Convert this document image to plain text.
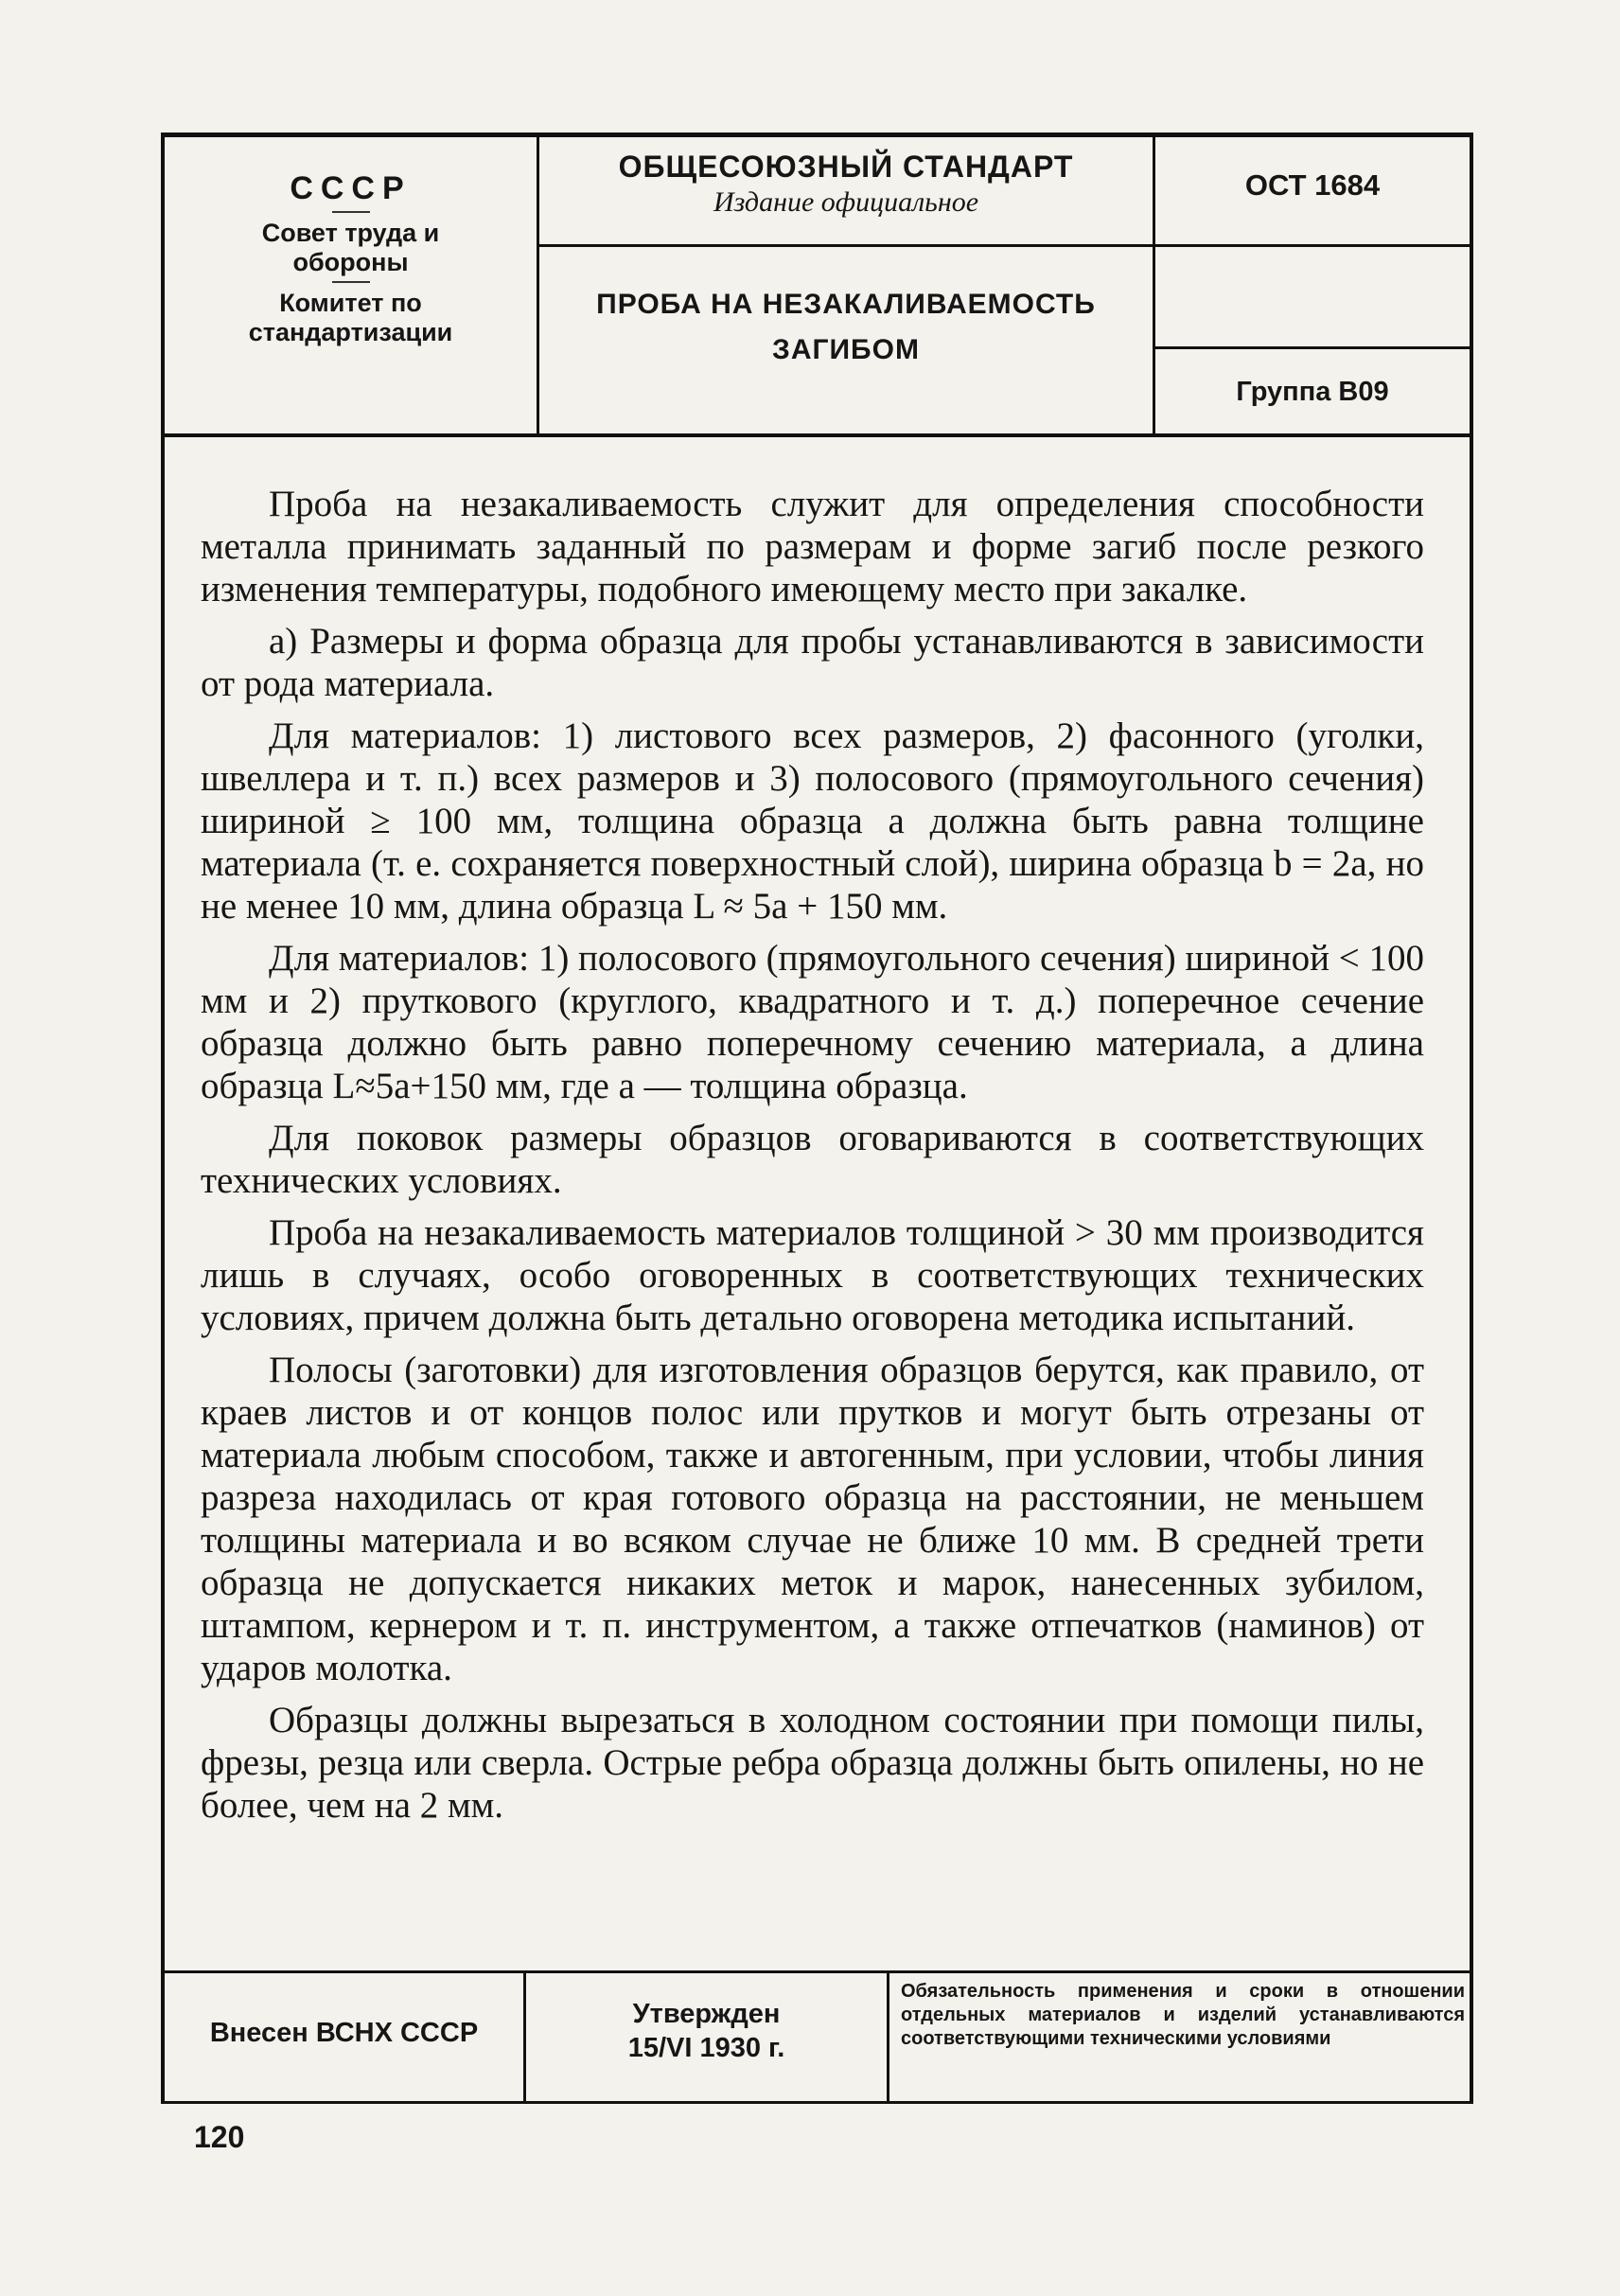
СССР
Совет труда и обороны
Комитет по стандартизации
ОБЩЕСОЮЗНЫЙ СТАНДАРТ
Издание официальное
ПРОБА НА НЕЗАКАЛИВАЕМОСТЬ
ЗАГИБОМ
ОСТ 1684
Группа В09

Проба на незакаливаемость служит для определения способности металла принимать заданный по размерам и форме загиб после резкого изменения температуры, подобного имеющему место при закалке.

а) Размеры и форма образца для пробы устанавливаются в зависимости от рода материала.

Для материалов: 1) листового всех размеров, 2) фасонного (уголки, швеллера и т. п.) всех размеров и 3) полосового (прямоугольного сечения) шириной ≥ 100 мм, толщина образца a должна быть равна толщине материала (т. е. сохраняется поверхностный слой), ширина образца b = 2a, но не менее 10 мм, длина образца L ≈ 5a + 150 мм.

Для материалов: 1) полосового (прямоугольного сечения) шириной < 100 мм и 2) пруткового (круглого, квадратного и т. д.) поперечное сечение образца должно быть равно поперечному сечению материала, а длина образца L≈5a+150 мм, где a — толщина образца.

Для поковок размеры образцов оговариваются в соответствующих технических условиях.

Проба на незакаливаемость материалов толщиной > 30 мм производится лишь в случаях, особо оговоренных в соответствующих технических условиях, причем должна быть детально оговорена методика испытаний.

Полосы (заготовки) для изготовления образцов берутся, как правило, от краев листов и от концов полос или прутков и могут быть отрезаны от материала любым способом, также и автогенным, при условии, чтобы линия разреза находилась от края готового образца на расстоянии, не меньшем толщины материала и во всяком случае не ближе 10 мм. В средней трети образца не допускается никаких меток и марок, нанесенных зубилом, штампом, кернером и т. п. инструментом, а также отпечатков (наминов) от ударов молотка.

Образцы должны вырезаться в холодном состоянии при помощи пилы, фрезы, резца или сверла. Острые ребра образца должны быть опилены, но не более, чем на 2 мм.

Внесен ВСНХ СССР
Утвержден
15/VI 1930 г.
Обязательность применения и сроки в отношении отдельных материалов и изделий устанавливаются соответствующими техническими условиями
120
